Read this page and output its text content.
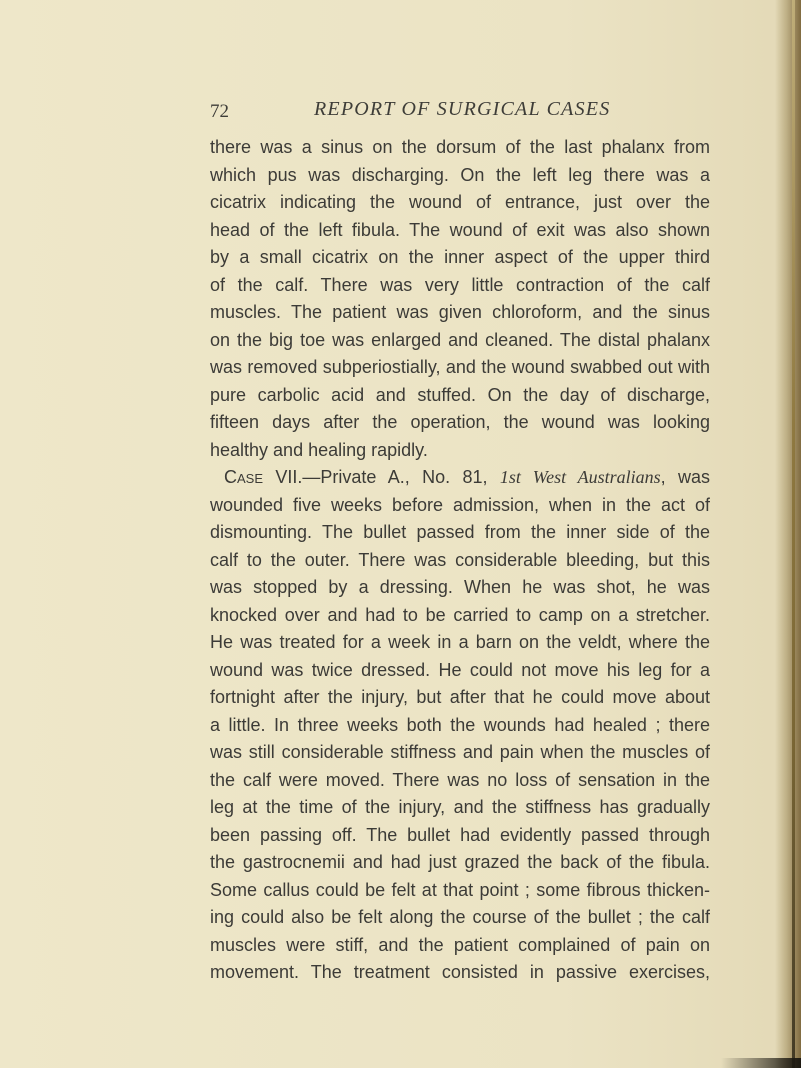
72	REPORT OF SURGICAL CASES
there was a sinus on the dorsum of the last phalanx from
which pus was discharging. On the left leg there was a
cicatrix indicating the wound of entrance, just over the
head of the left fibula. The wound of exit was also shown
by a small cicatrix on the inner aspect of the upper third
of the calf. There was very little contraction of the calf
muscles. The patient was given chloroform, and the sinus
on the big toe was enlarged and cleaned. The distal phalanx
was removed subperiostially, and the wound swabbed out with
pure carbolic acid and stuffed. On the day of discharge,
fifteen days after the operation, the wound was looking
healthy and healing rapidly.
Case VII.—Private A., No. 81, 1st West Australians, was
wounded five weeks before admission, when in the act of
dismounting. The bullet passed from the inner side of the
calf to the outer. There was considerable bleeding, but this
was stopped by a dressing. When he was shot, he was
knocked over and had to be carried to camp on a stretcher.
He was treated for a week in a barn on the veldt, where the
wound was twice dressed. He could not move his leg for a
fortnight after the injury, but after that he could move about
a little. In three weeks both the wounds had healed ; there
was still considerable stiffness and pain when the muscles of
the calf were moved. There was no loss of sensation in the
leg at the time of the injury, and the stiffness has gradually
been passing off. The bullet had evidently passed through
the gastrocnemii and had just grazed the back of the fibula.
Some callus could be felt at that point ; some fibrous thicken-
ing could also be felt along the course of the bullet ; the calf
muscles were stiff, and the patient complained of pain on
movement. The treatment consisted in passive exercises,
